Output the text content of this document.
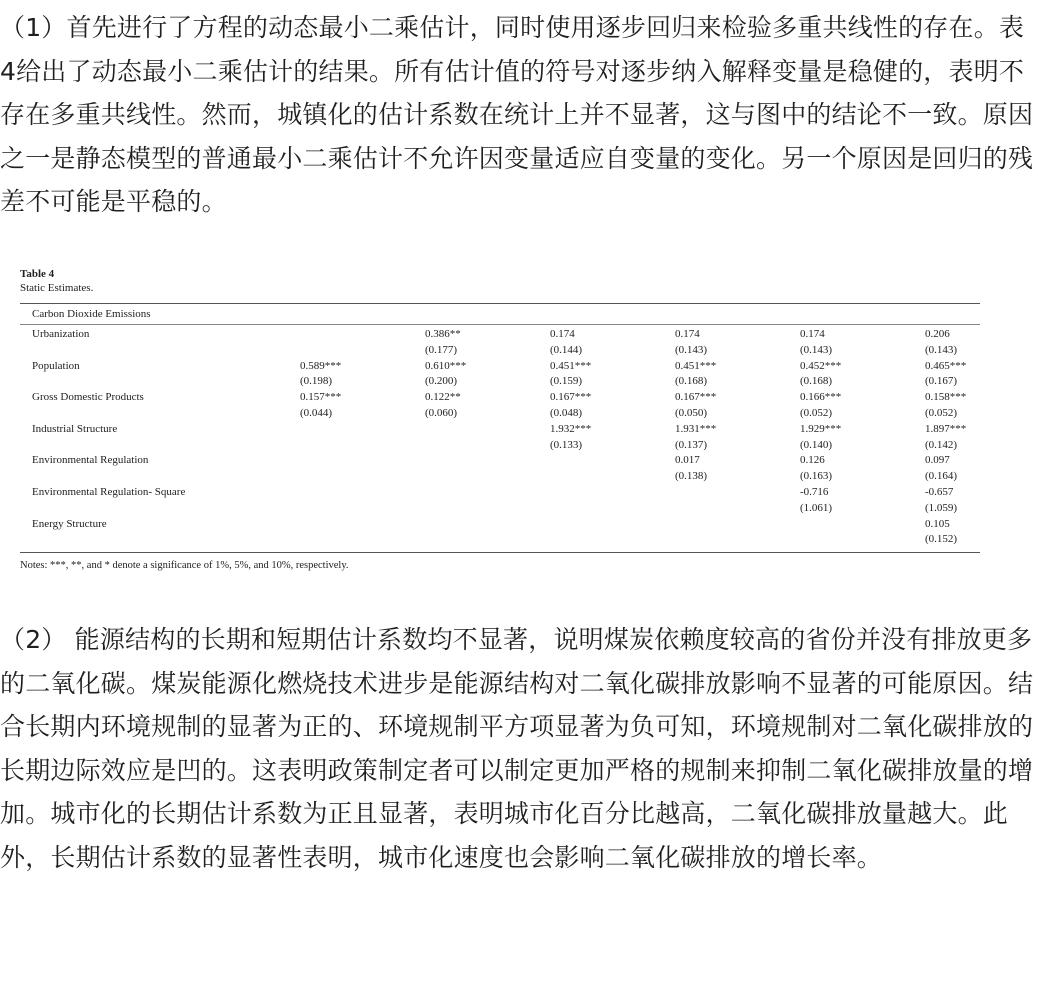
（1）首先进行了方程的动态最小二乘估计，同时使用逐步回归来检验多重共线性的存在。表4给出了动态最小二乘估计的结果。所有估计值的符号对逐步纳入解释变量是稳健的，表明不存在多重共线性。然而，城镇化的估计系数在统计上并不显著，这与图中的结论不一致。原因之一是静态模型的普通最小二乘估计不允许因变量适应自变量的变化。另一个原因是回归的残差不可能是平稳的。

Table 4
Static Estimates.
Carbon Dioxide Emissions
Urbanization		0.386**	0.174	0.174	0.174	0.206	
		(0.177)	(0.144)	(0.143)	(0.143)	(0.143)	
Population	0.589***	0.610***	0.451***	0.451***	0.452***	0.465***	
	(0.198)	(0.200)	(0.159)	(0.168)	(0.168)	(0.167)	
Gross Domestic Products	0.157***	0.122**	0.167***	0.167***	0.166***	0.158***	
	(0.044)	(0.060)	(0.048)	(0.050)	(0.052)	(0.052)	
Industrial Structure			1.932***	1.931***	1.929***	1.897***	
			(0.133)	(0.137)	(0.140)	(0.142)	
Environmental Regulation				0.017	0.126	0.097	
				(0.138)	(0.163)	(0.164)	
Environmental Regulation- Square					-0.716	-0.657	
					(1.061)	(1.059)	
Energy Structure						0.105	
						(0.152)	
Notes: ***, **, and * denote a significance of 1%, 5%, and 10%, respectively.

（2） 能源结构的长期和短期估计系数均不显著，说明煤炭依赖度较高的省份并没有排放更多的二氧化碳。煤炭能源化燃烧技术进步是能源结构对二氧化碳排放影响不显著的可能原因。结合长期内环境规制的显著为正的、环境规制平方项显著为负可知，环境规制对二氧化碳排放的长期边际效应是凹的。这表明政策制定者可以制定更加严格的规制来抑制二氧化碳排放量的增加。城市化的长期估计系数为正且显著，表明城市化百分比越高，二氧化碳排放量越大。此外，长期估计系数的显著性表明，城市化速度也会影响二氧化碳排放的增长率。
